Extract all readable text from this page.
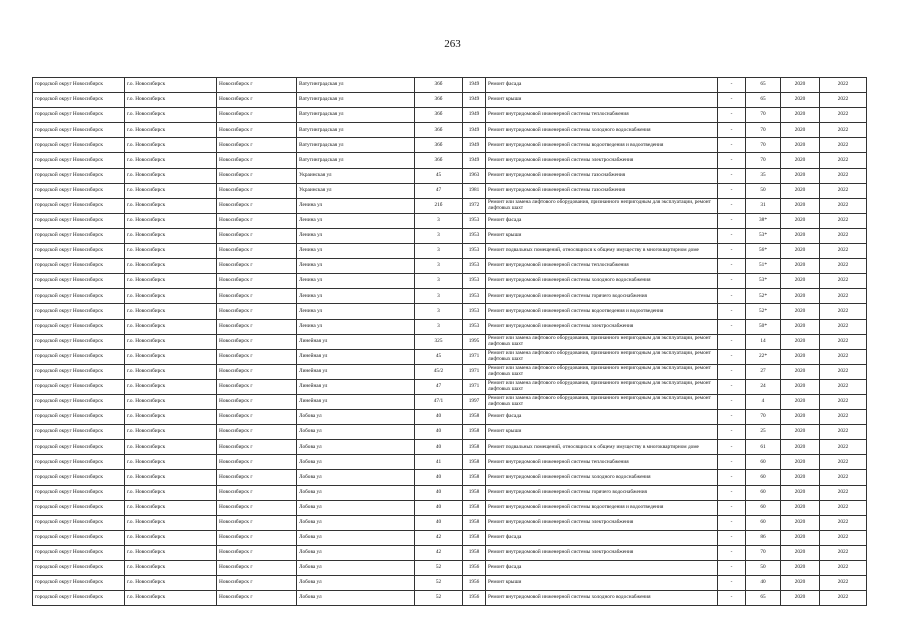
263
городской округ Новосибирск	г.о. Новосибирск	Новосибирск г	Ватутинградская ул	36б	1949	Ремонт фасада	-	65	2020	2022
городской округ Новосибирск	г.о. Новосибирск	Новосибирск г	Ватутинградская ул	36б	1949	Ремонт крыши	-	65	2020	2022
городской округ Новосибирск	г.о. Новосибирск	Новосибирск г	Ватутинградская ул	36б	1949	Ремонт внутридомовой инженерной системы теплоснабжения	-	70	2020	2022
городской округ Новосибирск	г.о. Новосибирск	Новосибирск г	Ватутинградская ул	36б	1949	Ремонт внутридомовой инженерной системы холодного водоснабжения	-	70	2020	2022
городской округ Новосибирск	г.о. Новосибирск	Новосибирск г	Ватутинградская ул	36б	1949	Ремонт внутридомовой инженерной системы водоотведения и водоотведения	-	70	2020	2022
городской округ Новосибирск	г.о. Новосибирск	Новосибирск г	Ватутинградская ул	36б	1949	Ремонт внутридомовой инженерной системы электроснабжения	-	70	2020	2022
городской округ Новосибирск	г.о. Новосибирск	Новосибирск г	Украинская ул	45	1963	Ремонт внутридомовой инженерной системы газоснабжения	-	35	2020	2022
городской округ Новосибирск	г.о. Новосибирск	Новосибирск г	Украинская ул	47	1981	Ремонт внутридомовой инженерной системы газоснабжения	-	50	2020	2022
городской округ Новосибирск	г.о. Новосибирск	Новосибирск г	Ленина ул	21б	1972	Ремонт или замена лифтового оборудования, признанного непригодным для эксплуатации, ремонт лифтовых шахт	-	31	2020	2022
городской округ Новосибирск	г.о. Новосибирск	Новосибирск г	Ленина ул	3	1953	Ремонт фасада	-	38*	2020	2022
городской округ Новосибирск	г.о. Новосибирск	Новосибирск г	Ленина ул	3	1953	Ремонт крыши	-	53*	2020	2022
городской округ Новосибирск	г.о. Новосибирск	Новосибирск г	Ленина ул	3	1953	Ремонт подвальных помещений, относящихся к общему имуществу в многоквартирном доме	-	56*	2020	2022
городской округ Новосибирск	г.о. Новосибирск	Новосибирск г	Ленина ул	3	1953	Ремонт внутридомовой инженерной системы теплоснабжения	-	51*	2020	2022
городской округ Новосибирск	г.о. Новосибирск	Новосибирск г	Ленина ул	3	1953	Ремонт внутридомовой инженерной системы холодного водоснабжения	-	53*	2020	2022
городской округ Новосибирск	г.о. Новосибирск	Новосибирск г	Ленина ул	3	1953	Ремонт внутридомовой инженерной системы горячего водоснабжения	-	52*	2020	2022
городской округ Новосибирск	г.о. Новосибирск	Новосибирск г	Ленина ул	3	1953	Ремонт внутридомовой инженерной системы водоотведения и водоотведения	-	52*	2020	2022
городской округ Новосибирск	г.о. Новосибирск	Новосибирск г	Ленина ул	3	1953	Ремонт внутридомовой инженерной системы электроснабжения	-	50*	2020	2022
городской округ Новосибирск	г.о. Новосибирск	Новосибирск г	Линейная ул	325	1995	Ремонт или замена лифтового оборудования, признанного непригодным для эксплуатации, ремонт лифтовых шахт	-	14	2020	2022
городской округ Новосибирск	г.о. Новосибирск	Новосибирск г	Линейная ул	45	1971	Ремонт или замена лифтового оборудования, признанного непригодным для эксплуатации, ремонт лифтовых шахт	-	22*	2020	2022
городской округ Новосибирск	г.о. Новосибирск	Новосибирск г	Линейная ул	45/2	1971	Ремонт или замена лифтового оборудования, признанного непригодным для эксплуатации, ремонт лифтовых шахт	-	27	2020	2022
городской округ Новосибирск	г.о. Новосибирск	Новосибирск г	Линейная ул	47	1971	Ремонт или замена лифтового оборудования, признанного непригодным для эксплуатации, ремонт лифтовых шахт	-	24	2020	2022
городской округ Новосибирск	г.о. Новосибирск	Новосибирск г	Линейная ул	47/1	1997	Ремонт или замена лифтового оборудования, признанного непригодным для эксплуатации, ремонт лифтовых шахт	-	4	2020	2022
городской округ Новосибирск	г.о. Новосибирск	Новосибирск г	Лобова ул	40	1958	Ремонт фасада	-	70	2020	2022
городской округ Новосибирск	г.о. Новосибирск	Новосибирск г	Лобова ул	40	1958	Ремонт крыши	-	25	2020	2022
городской округ Новосибирск	г.о. Новосибирск	Новосибирск г	Лобова ул	40	1958	Ремонт подвальных помещений, относящихся к общему имуществу в многоквартирном доме	-	61	2020	2022
городской округ Новосибирск	г.о. Новосибирск	Новосибирск г	Лобова ул	41	1958	Ремонт внутридомовой инженерной системы теплоснабжения	-	60	2020	2022
городской округ Новосибирск	г.о. Новосибирск	Новосибирск г	Лобова ул	40	1958	Ремонт внутридомовой инженерной системы холодного водоснабжения	-	60	2020	2022
городской округ Новосибирск	г.о. Новосибирск	Новосибирск г	Лобова ул	40	1958	Ремонт внутридомовой инженерной системы горячего водоснабжения	-	60	2020	2022
городской округ Новосибирск	г.о. Новосибирск	Новосибирск г	Лобова ул	40	1958	Ремонт внутридомовой инженерной системы водоотведения и водоотведения	-	60	2020	2022
городской округ Новосибирск	г.о. Новосибирск	Новосибирск г	Лобова ул	40	1958	Ремонт внутридомовой инженерной системы электроснабжения	-	60	2020	2022
городской округ Новосибирск	г.о. Новосибирск	Новосибирск г	Лобова ул	42	1958	Ремонт фасада	-	86	2020	2022
городской округ Новосибирск	г.о. Новосибирск	Новосибирск г	Лобова ул	42	1958	Ремонт внутридомовой инженерной системы электроснабжения	-	70	2020	2022
городской округ Новосибирск	г.о. Новосибирск	Новосибирск г	Лобова ул	52	1956	Ремонт фасада	-	50	2020	2022
городской округ Новосибирск	г.о. Новосибирск	Новосибирск г	Лобова ул	52	1956	Ремонт крыши	-	40	2020	2022
городской округ Новосибирск	г.о. Новосибирск	Новосибирск г	Лобова ул	52	1956	Ремонт внутридомовой инженерной системы холодного водоснабжения	-	65	2020	2022
